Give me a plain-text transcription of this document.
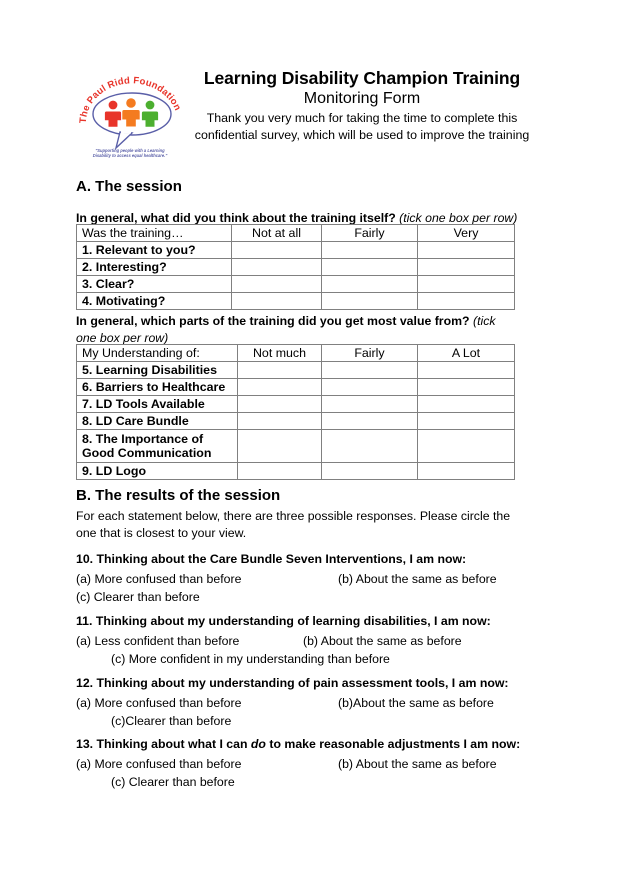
The Paul Ridd Foundation
"Supporting people with a Learning
Disability to access equal healthcare."
Learning Disability Champion Training
Monitoring Form
Thank you very much for taking the time to complete this confidential survey, which will be used to improve the training
A. The session
In general, what did you think about the training itself? (tick one box per row)
Was the training…	Not at all	Fairly	Very
1. Relevant to you?			
2. Interesting?			
3. Clear?			
4. Motivating?			
In general, which parts of the training did you get most value from? (tick one box per row)
My Understanding of:	Not much	Fairly	A Lot
5. Learning Disabilities			
6. Barriers to Healthcare			
7. LD Tools Available			
8. LD Care Bundle			
8. The Importance of Good Communication			
9. LD Logo			
B. The results of the session
For each statement below, there are three possible responses. Please circle the one that is closest to your view.
10. Thinking about the Care Bundle Seven Interventions, I am now:
(a) More confused than before	(b) About the same as before
(c) Clearer than before
11. Thinking about my understanding of learning disabilities, I am now:
(a) Less confident than before	(b) About the same as before
(c) More confident in my understanding than before
12. Thinking about my understanding of pain assessment tools, I am now:
(a) More confused than before	(b)About the same as before
(c)Clearer than before
13. Thinking about what I can do to make reasonable adjustments I am now:
(a) More confused than before	(b) About the same as before
(c) Clearer than before
